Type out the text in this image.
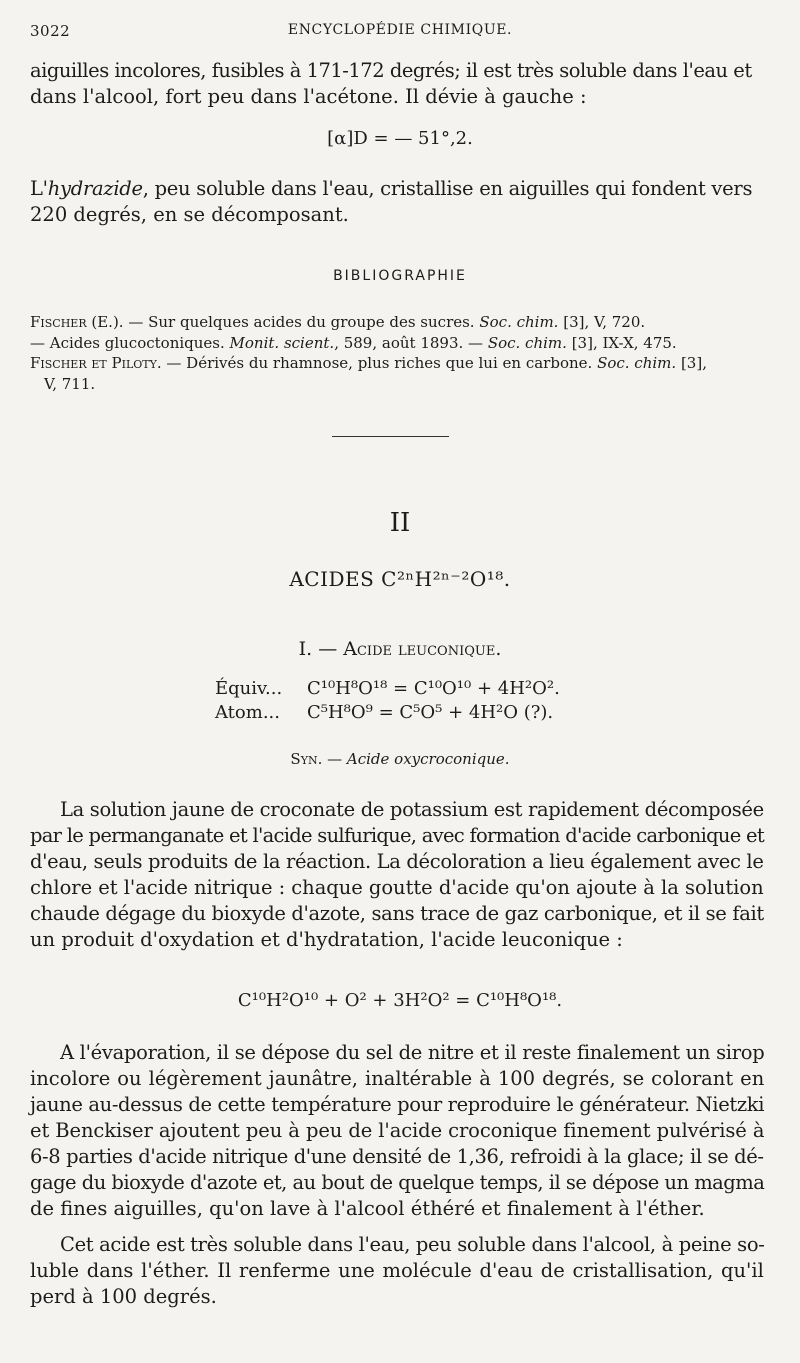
3022	ENCYCLOPÉDIE CHIMIQUE.
aiguilles incolores, fusibles à 171-172 degrés; il est très soluble dans l'eau et
dans l'alcool, fort peu dans l'acétone. Il dévie à gauche :
[α]D = — 51°,2.
L'hydrazide, peu soluble dans l'eau, cristallise en aiguilles qui fondent vers
220 degrés, en se décomposant.
BIBLIOGRAPHIE
Fischer (E.). — Sur quelques acides du groupe des sucres. Soc. chim. [3], V, 720.
— Acides glucoctoniques. Monit. scient., 589, août 1893. — Soc. chim. [3], IX-X, 475.
Fischer et Piloty. — Dérivés du rhamnose, plus riches que lui en carbone. Soc. chim. [3],
V, 711.
II
ACIDES C²ⁿH²ⁿ⁻²O¹⁸.
I. — Acide leuconique.
Équiv... C¹⁰H⁸O¹⁸ = C¹⁰O¹⁰ + 4H²O².
Atom... C⁵H⁸O⁹ = C⁵O⁵ + 4H²O (?).
Syn. — Acide oxycroconique.
La solution jaune de croconate de potassium est rapidement décomposée
par le permanganate et l'acide sulfurique, avec formation d'acide carbonique et
d'eau, seuls produits de la réaction. La décoloration a lieu également avec le
chlore et l'acide nitrique : chaque goutte d'acide qu'on ajoute à la solution
chaude dégage du bioxyde d'azote, sans trace de gaz carbonique, et il se fait
un produit d'oxydation et d'hydratation, l'acide leuconique :
C¹⁰H²O¹⁰ + O² + 3H²O² = C¹⁰H⁸O¹⁸.
A l'évaporation, il se dépose du sel de nitre et il reste finalement un sirop
incolore ou légèrement jaunâtre, inaltérable à 100 degrés, se colorant en
jaune au-dessus de cette température pour reproduire le générateur. Nietzki
et Benckiser ajoutent peu à peu de l'acide croconique finement pulvérisé à
6-8 parties d'acide nitrique d'une densité de 1,36, refroidi à la glace; il se dé-
gage du bioxyde d'azote et, au bout de quelque temps, il se dépose un magma
de fines aiguilles, qu'on lave à l'alcool éthéré et finalement à l'éther.
Cet acide est très soluble dans l'eau, peu soluble dans l'alcool, à peine so-
luble dans l'éther. Il renferme une molécule d'eau de cristallisation, qu'il
perd à 100 degrés.
